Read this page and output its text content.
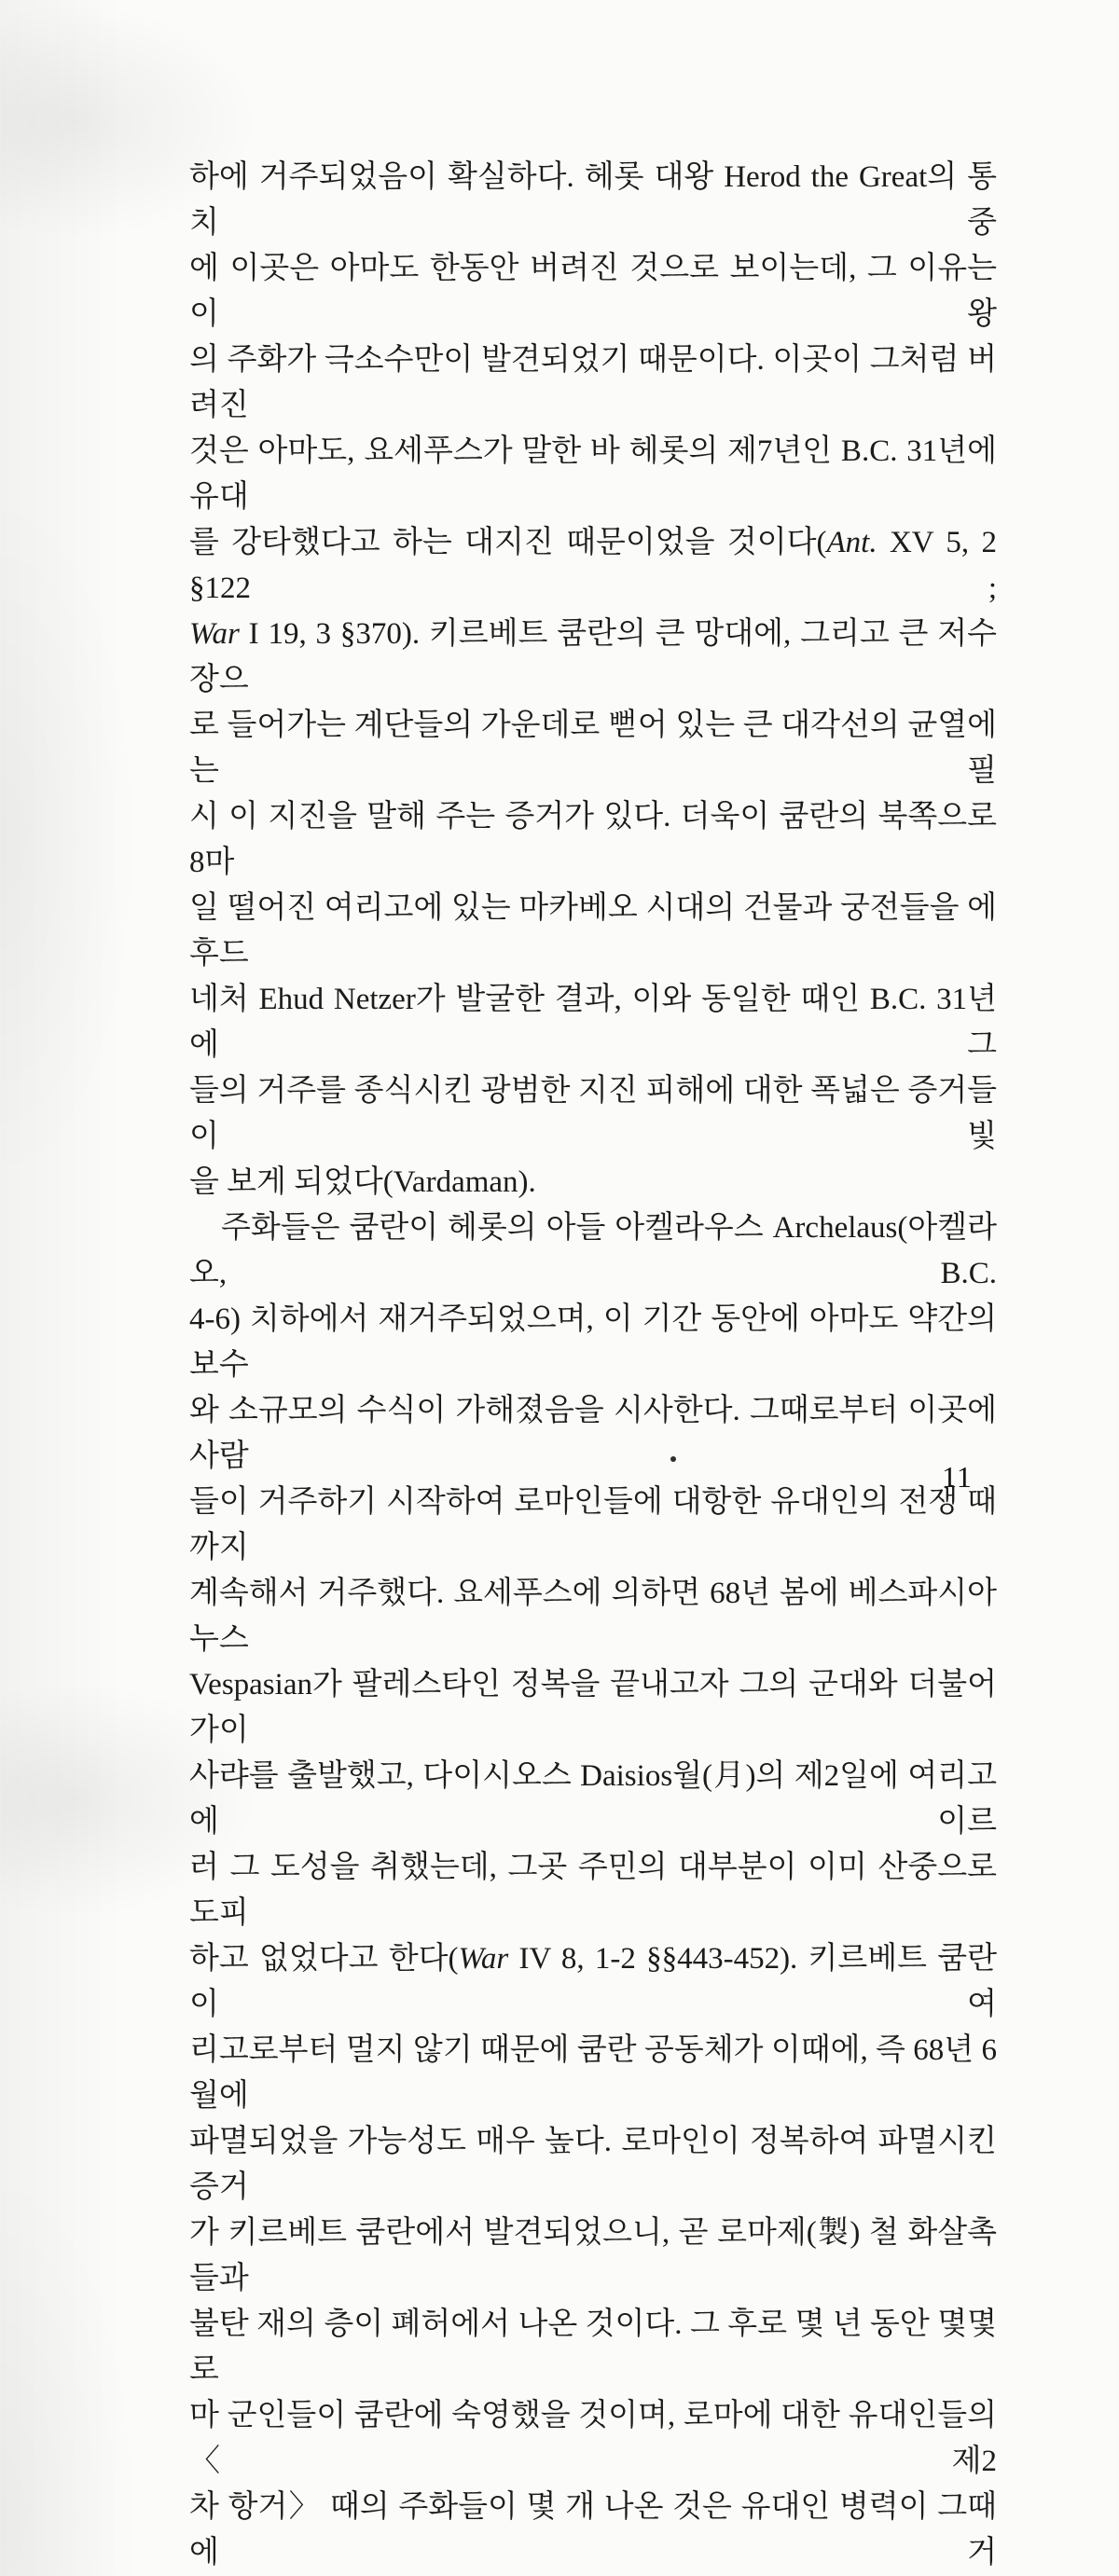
하에 거주되었음이 확실하다. 헤롯 대왕 Herod the Great의 통치 중
에 이곳은 아마도 한동안 버려진 것으로 보이는데, 그 이유는 이 왕
의 주화가 극소수만이 발견되었기 때문이다. 이곳이 그처럼 버려진
것은 아마도, 요세푸스가 말한 바 헤롯의 제7년인 B.C. 31년에 유대
를 강타했다고 하는 대지진 때문이었을 것이다(Ant. XV 5, 2 §122 ;
War I 19, 3 §370). 키르베트 쿰란의 큰 망대에, 그리고 큰 저수장으
로 들어가는 계단들의 가운데로 뻗어 있는 큰 대각선의 균열에는 필
시 이 지진을 말해 주는 증거가 있다. 더욱이 쿰란의 북쪽으로 8마
일 떨어진 여리고에 있는 마카베오 시대의 건물과 궁전들을 에후드
네처 Ehud Netzer가 발굴한 결과, 이와 동일한 때인 B.C. 31년에 그
들의 거주를 종식시킨 광범한 지진 피해에 대한 폭넓은 증거들이 빛
을 보게 되었다(Vardaman).
주화들은 쿰란이 헤롯의 아들 아켈라우스 Archelaus(아켈라오, B.C.
4-6) 치하에서 재거주되었으며, 이 기간 동안에 아마도 약간의 보수
와 소규모의 수식이 가해졌음을 시사한다. 그때로부터 이곳에 사람
들이 거주하기 시작하여 로마인들에 대항한 유대인의 전쟁 때까지
계속해서 거주했다. 요세푸스에 의하면 68년 봄에 베스파시아누스
Vespasian가 팔레스타인 정복을 끝내고자 그의 군대와 더불어 가이
사랴를 출발했고, 다이시오스 Daisios월(月)의 제2일에 여리고에 이르
러 그 도성을 취했는데, 그곳 주민의 대부분이 이미 산중으로 도피
하고 없었다고 한다(War IV 8, 1-2 §§443-452). 키르베트 쿰란이 여
리고로부터 멀지 않기 때문에 쿰란 공동체가 이때에, 즉 68년 6월에
파멸되었을 가능성도 매우 높다. 로마인이 정복하여 파멸시킨 증거
가 키르베트 쿰란에서 발견되었으니, 곧 로마제(製) 철 화살촉들과
불탄 재의 층이 폐허에서 나온 것이다. 그 후로 몇 년 동안 몇몇 로
마 군인들이 쿰란에 숙영했을 것이며, 로마에 대한 유대인들의 〈제2
차 항거〉 때의 주화들이 몇 개 나온 것은 유대인 병력이 그때에 거
11
